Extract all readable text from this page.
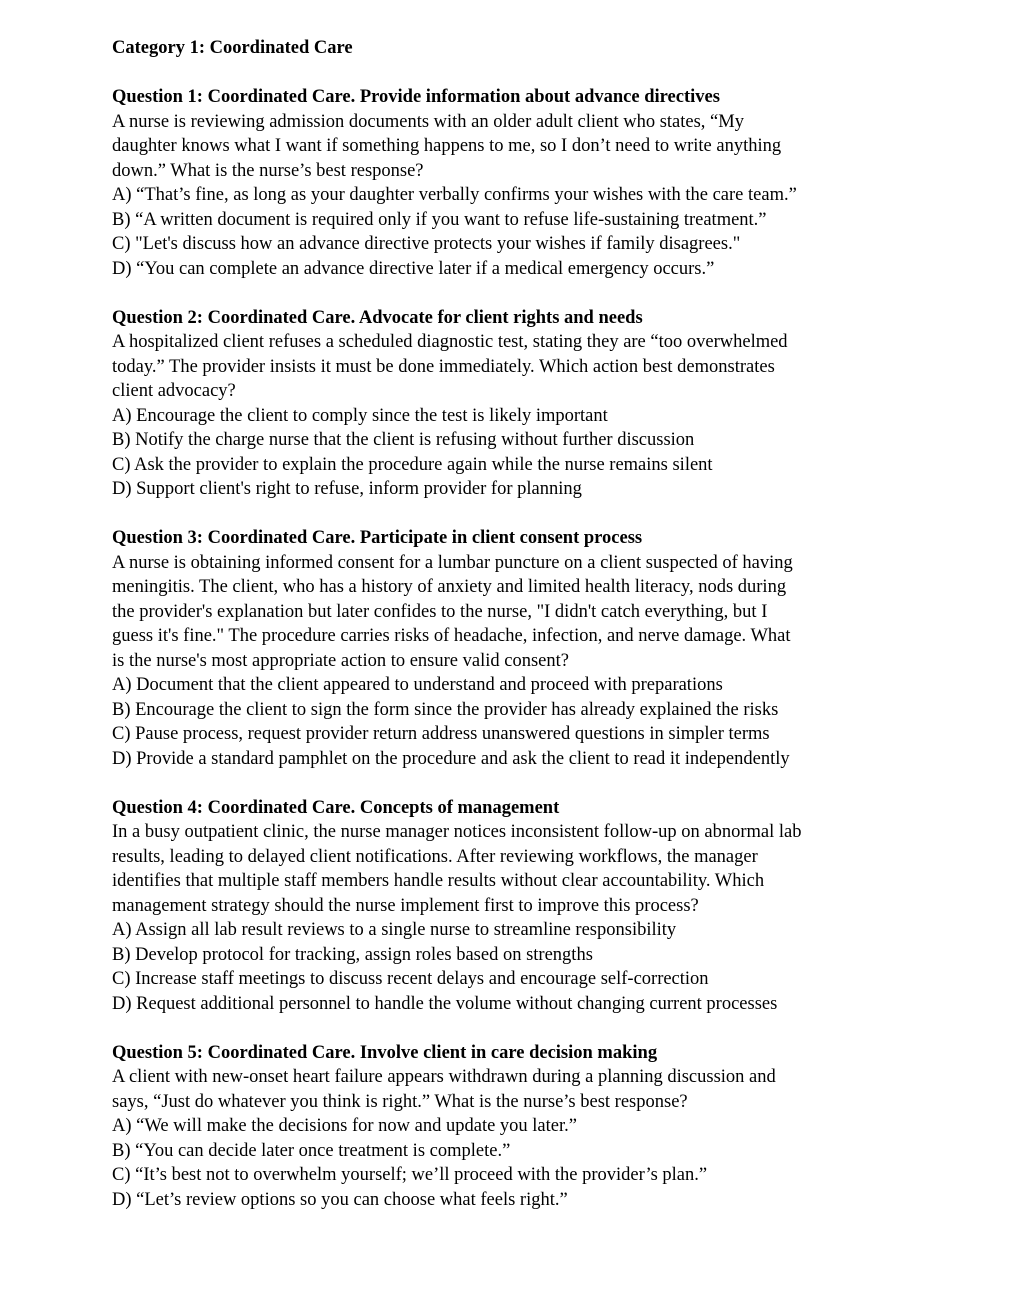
Category 1: Coordinated Care
Question 1: Coordinated Care. Provide information about advance directives
A nurse is reviewing admission documents with an older adult client who states, “My
daughter knows what I want if something happens to me, so I don’t need to write anything
down.” What is the nurse’s best response?
A) “That’s fine, as long as your daughter verbally confirms your wishes with the care team.”
B) “A written document is required only if you want to refuse life-sustaining treatment.”
C) "Let's discuss how an advance directive protects your wishes if family disagrees."
D) “You can complete an advance directive later if a medical emergency occurs.”
Question 2: Coordinated Care. Advocate for client rights and needs
A hospitalized client refuses a scheduled diagnostic test, stating they are “too overwhelmed
today.” The provider insists it must be done immediately. Which action best demonstrates
client advocacy?
A) Encourage the client to comply since the test is likely important
B) Notify the charge nurse that the client is refusing without further discussion
C) Ask the provider to explain the procedure again while the nurse remains silent
D) Support client's right to refuse, inform provider for planning
Question 3: Coordinated Care. Participate in client consent process
A nurse is obtaining informed consent for a lumbar puncture on a client suspected of having
meningitis. The client, who has a history of anxiety and limited health literacy, nods during
the provider's explanation but later confides to the nurse, "I didn't catch everything, but I
guess it's fine." The procedure carries risks of headache, infection, and nerve damage. What
is the nurse's most appropriate action to ensure valid consent?
A) Document that the client appeared to understand and proceed with preparations
B) Encourage the client to sign the form since the provider has already explained the risks
C) Pause process, request provider return address unanswered questions in simpler terms
D) Provide a standard pamphlet on the procedure and ask the client to read it independently
Question 4: Coordinated Care. Concepts of management
In a busy outpatient clinic, the nurse manager notices inconsistent follow-up on abnormal lab
results, leading to delayed client notifications. After reviewing workflows, the manager
identifies that multiple staff members handle results without clear accountability. Which
management strategy should the nurse implement first to improve this process?
A) Assign all lab result reviews to a single nurse to streamline responsibility
B) Develop protocol for tracking, assign roles based on strengths
C) Increase staff meetings to discuss recent delays and encourage self-correction
D) Request additional personnel to handle the volume without changing current processes
Question 5: Coordinated Care. Involve client in care decision making
A client with new-onset heart failure appears withdrawn during a planning discussion and
says, “Just do whatever you think is right.” What is the nurse’s best response?
A) “We will make the decisions for now and update you later.”
B) “You can decide later once treatment is complete.”
C) “It’s best not to overwhelm yourself; we’ll proceed with the provider’s plan.”
D) “Let’s review options so you can choose what feels right.”
